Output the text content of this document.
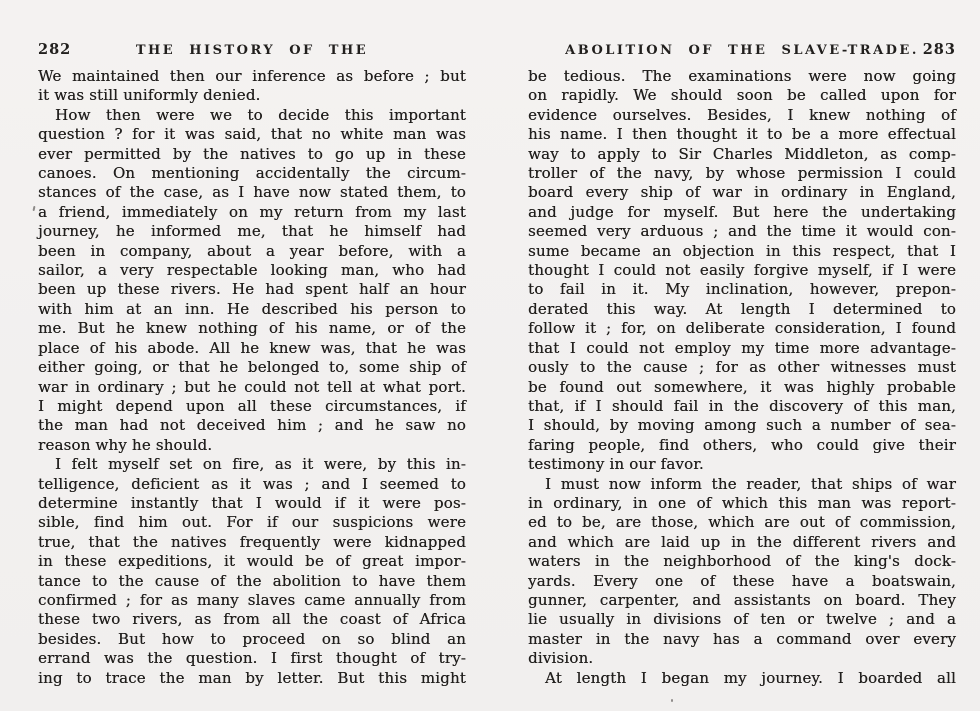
282	THE HISTORY OF THE
We maintained then our inference as before ; but
it was still uniformly denied.
How then were we to decide this important
question ? for it was said, that no white man was
ever permitted by the natives to go up in these
canoes. On mentioning accidentally the circum-
stances of the case, as I have now stated them, to
a friend, immediately on my return from my last
journey, he informed me, that he himself had
been in company, about a year before, with a
sailor, a very respectable looking man, who had
been up these rivers. He had spent half an hour
with him at an inn. He described his person to
me. But he knew nothing of his name, or of the
place of his abode. All he knew was, that he was
either going, or that he belonged to, some ship of
war in ordinary ; but he could not tell at what port.
I might depend upon all these circumstances, if
the man had not deceived him ; and he saw no
reason why he should.
I felt myself set on fire, as it were, by this in-
telligence, deficient as it was ; and I seemed to
determine instantly that I would if it were pos-
sible, find him out. For if our suspicions were
true, that the natives frequently were kidnapped
in these expeditions, it would be of great impor-
tance to the cause of the abolition to have them
confirmed ; for as many slaves came annually from
these two rivers, as from all the coast of Africa
besides. But how to proceed on so blind an
errand was the question. I first thought of try-
ing to trace the man by letter. But this might
ABOLITION OF THE SLAVE-TRADE. 283
be tedious. The examinations were now going
on rapidly. We should soon be called upon for
evidence ourselves. Besides, I knew nothing of
his name. I then thought it to be a more effectual
way to apply to Sir Charles Middleton, as comp-
troller of the navy, by whose permission I could
board every ship of war in ordinary in England,
and judge for myself. But here the undertaking
seemed very arduous ; and the time it would con-
sume became an objection in this respect, that I
thought I could not easily forgive myself, if I were
to fail in it. My inclination, however, prepon-
derated this way. At length I determined to
follow it ; for, on deliberate consideration, I found
that I could not employ my time more advantage-
ously to the cause ; for as other witnesses must
be found out somewhere, it was highly probable
that, if I should fail in the discovery of this man,
I should, by moving among such a number of sea-
faring people, find others, who could give their
testimony in our favor.
I must now inform the reader, that ships of war
in ordinary, in one of which this man was report-
ed to be, are those, which are out of commission,
and which are laid up in the different rivers and
waters in the neighborhood of the king's dock-
yards. Every one of these have a boatswain,
gunner, carpenter, and assistants on board. They
lie usually in divisions of ten or twelve ; and a
master in the navy has a command over every
division.
At length I began my journey. I boarded all
